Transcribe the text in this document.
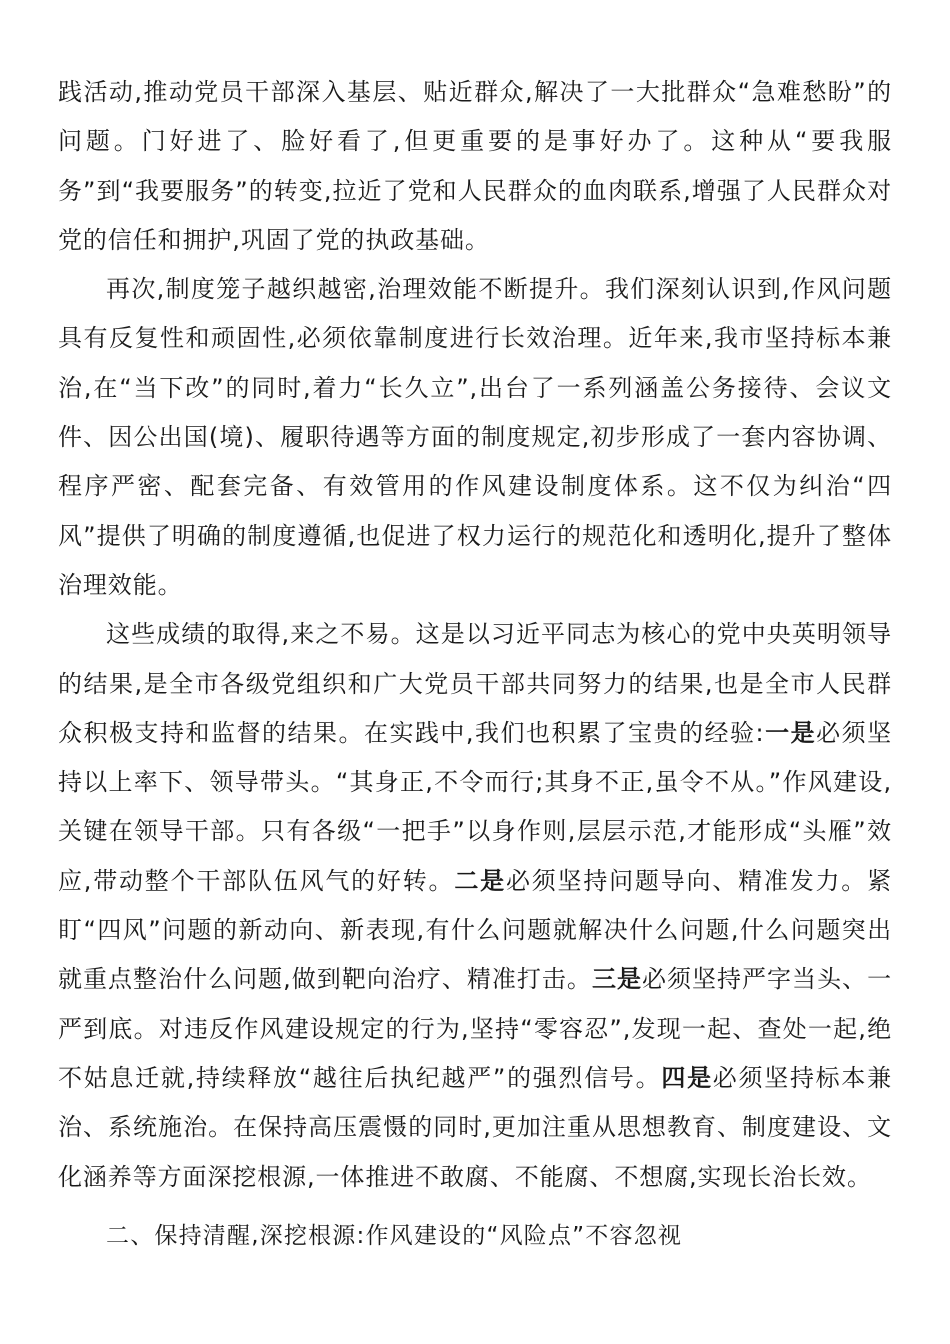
践活动,推动党员干部深入基层、贴近群众,解决了一大批群众“急难愁盼”的问题。门好进了、脸好看了,但更重要的是事好办了。这种从“要我服务”到“我要服务”的转变,拉近了党和人民群众的血肉联系,增强了人民群众对党的信任和拥护,巩固了党的执政基础。

再次,制度笼子越织越密,治理效能不断提升。我们深刻认识到,作风问题具有反复性和顽固性,必须依靠制度进行长效治理。近年来,我市坚持标本兼治,在“当下改”的同时,着力“长久立”,出台了一系列涵盖公务接待、会议文件、因公出国(境)、履职待遇等方面的制度规定,初步形成了一套内容协调、程序严密、配套完备、有效管用的作风建设制度体系。这不仅为纠治“四风”提供了明确的制度遵循,也促进了权力运行的规范化和透明化,提升了整体治理效能。

这些成绩的取得,来之不易。这是以习近平同志为核心的党中央英明领导的结果,是全市各级党组织和广大党员干部共同努力的结果,也是全市人民群众积极支持和监督的结果。在实践中,我们也积累了宝贵的经验:一是必须坚持以上率下、领导带头。“其身正,不令而行;其身不正,虽令不从。”作风建设,关键在领导干部。只有各级“一把手”以身作则,层层示范,才能形成“头雁”效应,带动整个干部队伍风气的好转。二是必须坚持问题导向、精准发力。紧盯“四风”问题的新动向、新表现,有什么问题就解决什么问题,什么问题突出就重点整治什么问题,做到靶向治疗、精准打击。三是必须坚持严字当头、一严到底。对违反作风建设规定的行为,坚持“零容忍”,发现一起、查处一起,绝不姑息迁就,持续释放“越往后执纪越严”的强烈信号。四是必须坚持标本兼治、系统施治。在保持高压震慑的同时,更加注重从思想教育、制度建设、文化涵养等方面深挖根源,一体推进不敢腐、不能腐、不想腐,实现长治长效。

二、保持清醒,深挖根源:作风建设的“风险点”不容忽视
